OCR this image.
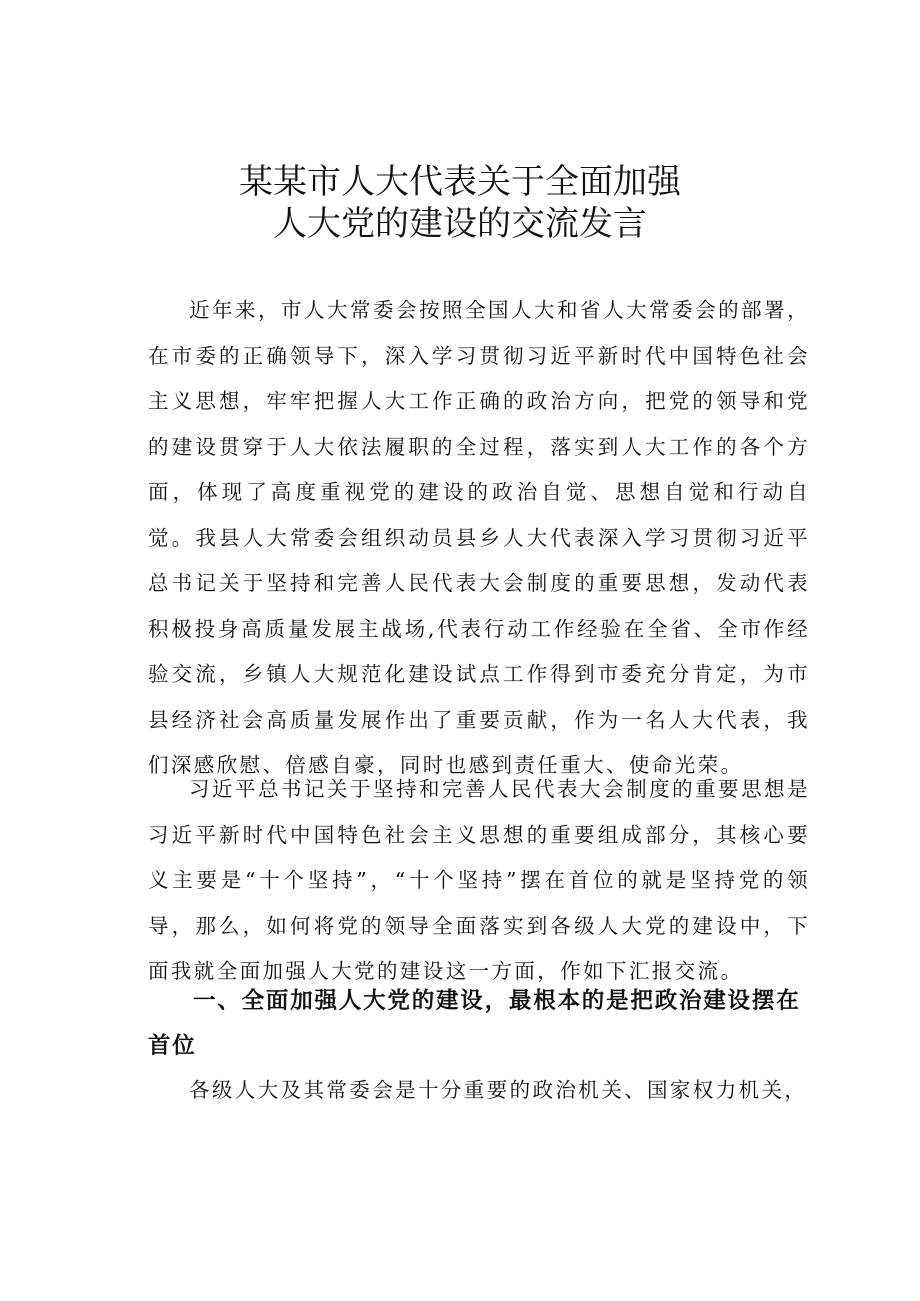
某某市人大代表关于全面加强
人大党的建设的交流发言

近年来，市人大常委会按照全国人大和省人大常委会的部署，在市委的正确领导下，深入学习贯彻习近平新时代中国特色社会主义思想，牢牢把握人大工作正确的政治方向，把党的领导和党的建设贯穿于人大依法履职的全过程，落实到人大工作的各个方面，体现了高度重视党的建设的政治自觉、思想自觉和行动自觉。我县人大常委会组织动员县乡人大代表深入学习贯彻习近平总书记关于坚持和完善人民代表大会制度的重要思想，发动代表积极投身高质量发展主战场,代表行动工作经验在全省、全市作经验交流，乡镇人大规范化建设试点工作得到市委充分肯定，为市县经济社会高质量发展作出了重要贡献，作为一名人大代表，我们深感欣慰、倍感自豪，同时也感到责任重大、使命光荣。

习近平总书记关于坚持和完善人民代表大会制度的重要思想是习近平新时代中国特色社会主义思想的重要组成部分，其核心要义主要是“十个坚持”，“十个坚持”摆在首位的就是坚持党的领导，那么，如何将党的领导全面落实到各级人大党的建设中，下面我就全面加强人大党的建设这一方面，作如下汇报交流。

一、全面加强人大党的建设，最根本的是把政治建设摆在首位

各级人大及其常委会是十分重要的政治机关、国家权力机关，
